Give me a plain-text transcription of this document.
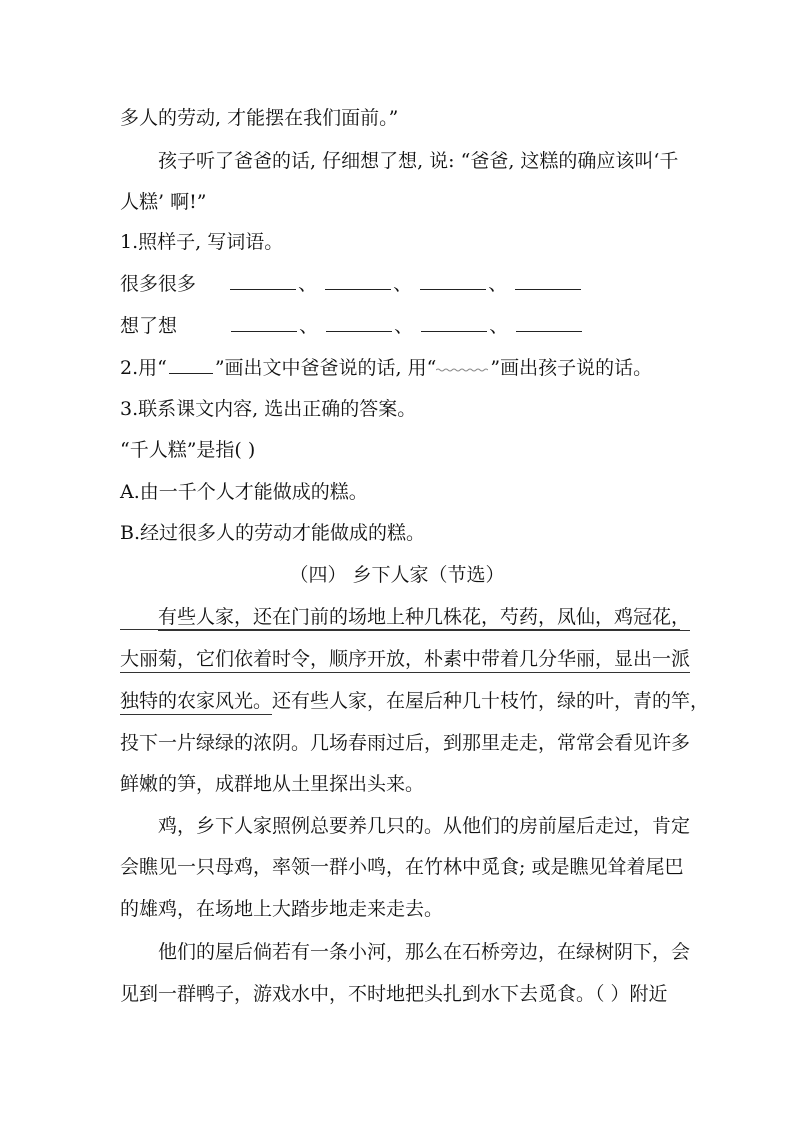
多人的劳动, 才能摆在我们面前。”
孩子听了爸爸的话, 仔细想了想, 说: “爸爸, 这糕的确应该叫‘千
人糕’ 啊!”
1.照样子, 写词语。
很多很多	、	、	、
想了想	、	、	、
2.用“	”画出文中爸爸说的话, 用“	”画出孩子说的话。
3.联系课文内容, 选出正确的答案。
“千人糕”是指( )
A.由一千个人才能做成的糕。
B.经过很多人的劳动才能做成的糕。
（四） 乡下人家（节选）
有些人家，还在门前的场地上种几株花，芍药，凤仙，鸡冠花，
大丽菊，它们依着时令，顺序开放，朴素中带着几分华丽，显出一派
独特的农家风光。还有些人家，在屋后种几十枝竹，绿的叶，青的竿，
投下一片绿绿的浓阴。几场春雨过后，到那里走走，常常会看见许多
鲜嫩的笋，成群地从土里探出头来。
鸡，乡下人家照例总要养几只的。从他们的房前屋后走过，肯定
会瞧见一只母鸡，率领一群小鸣，在竹林中觅食; 或是瞧见耸着尾巴
的雄鸡，在场地上大踏步地走来走去。
他们的屋后倘若有一条小河，那么在石桥旁边，在绿树阴下，会
见到一群鸭子，游戏水中，不时地把头扎到水下去觅食。（ ）附近
